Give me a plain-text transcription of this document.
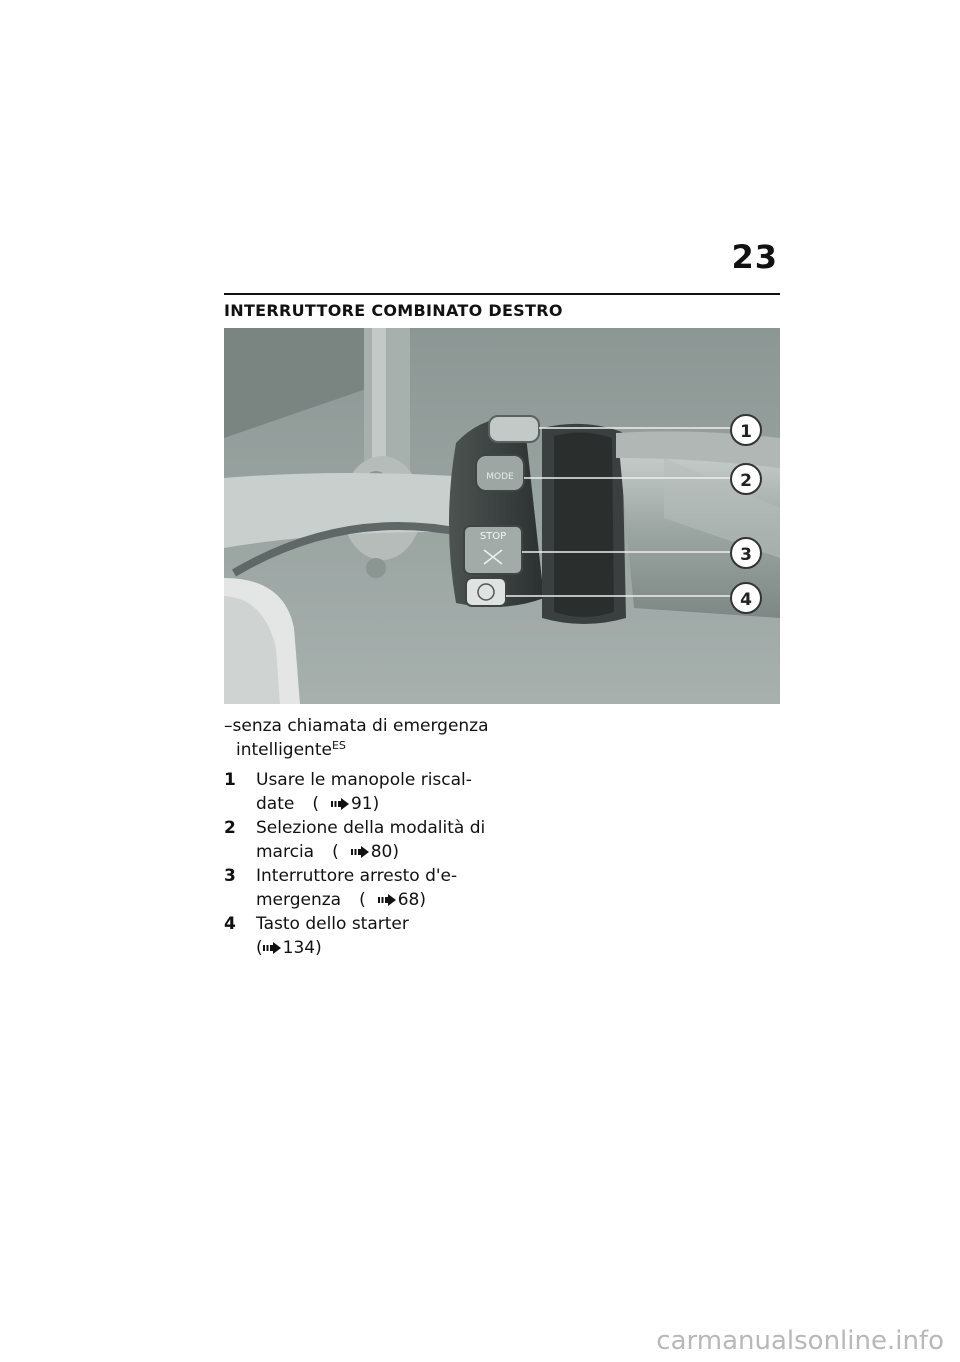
23
INTERRUTTORE COMBINATO DESTRO
MODE
STOP
1
2
3
4
–senza chiamata di emergenza
intelligente$^{ES}$
1	Usare le manopole riscal-
date ( 91)
2	Selezione della modalità di
marcia ( 80)
3	Interruttore arresto d'e-
mergenza ( 68)
4	Tasto dello starter
( 134)
carmanualsonline.info
